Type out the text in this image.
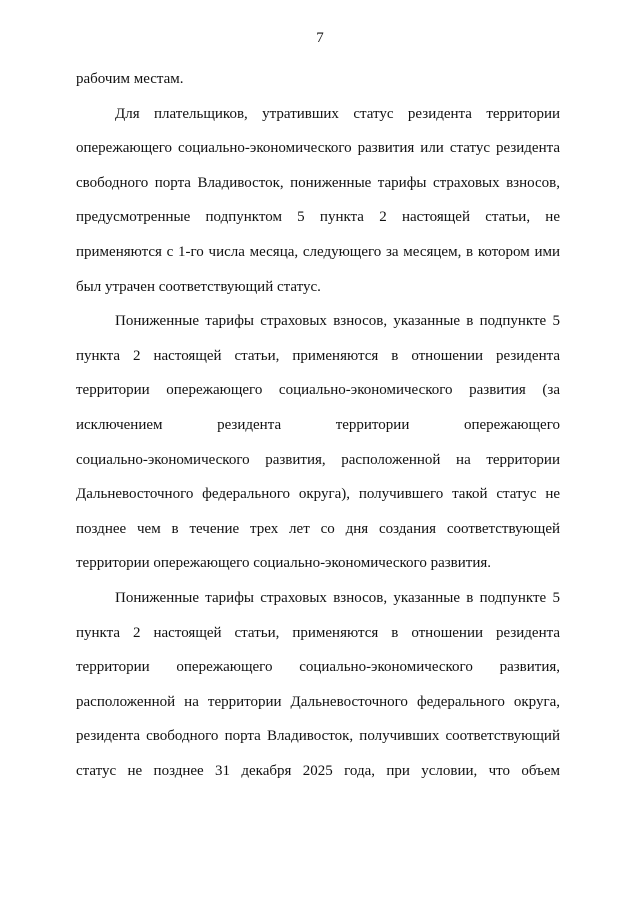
7

рабочим местам.

Для плательщиков, утративших статус резидента территории
опережающего социально-экономического развития или статус резидента
свободного порта Владивосток, пониженные тарифы страховых взносов,
предусмотренные подпунктом 5 пункта 2 настоящей статьи, не
применяются с 1-го числа месяца, следующего за месяцем, в котором ими
был утрачен соответствующий статус.

Пониженные тарифы страховых взносов, указанные в подпункте 5
пункта 2 настоящей статьи, применяются в отношении резидента
территории опережающего социально-экономического развития (за
исключением резидента территории опережающего
социально-экономического развития, расположенной на территории
Дальневосточного федерального округа), получившего такой статус не
позднее чем в течение трех лет со дня создания соответствующей
территории опережающего социально-экономического развития.

Пониженные тарифы страховых взносов, указанные в подпункте 5
пункта 2 настоящей статьи, применяются в отношении резидента
территории опережающего социально-экономического развития,
расположенной на территории Дальневосточного федерального округа,
резидента свободного порта Владивосток, получивших соответствующий
статус не позднее 31 декабря 2025 года, при условии, что объем
